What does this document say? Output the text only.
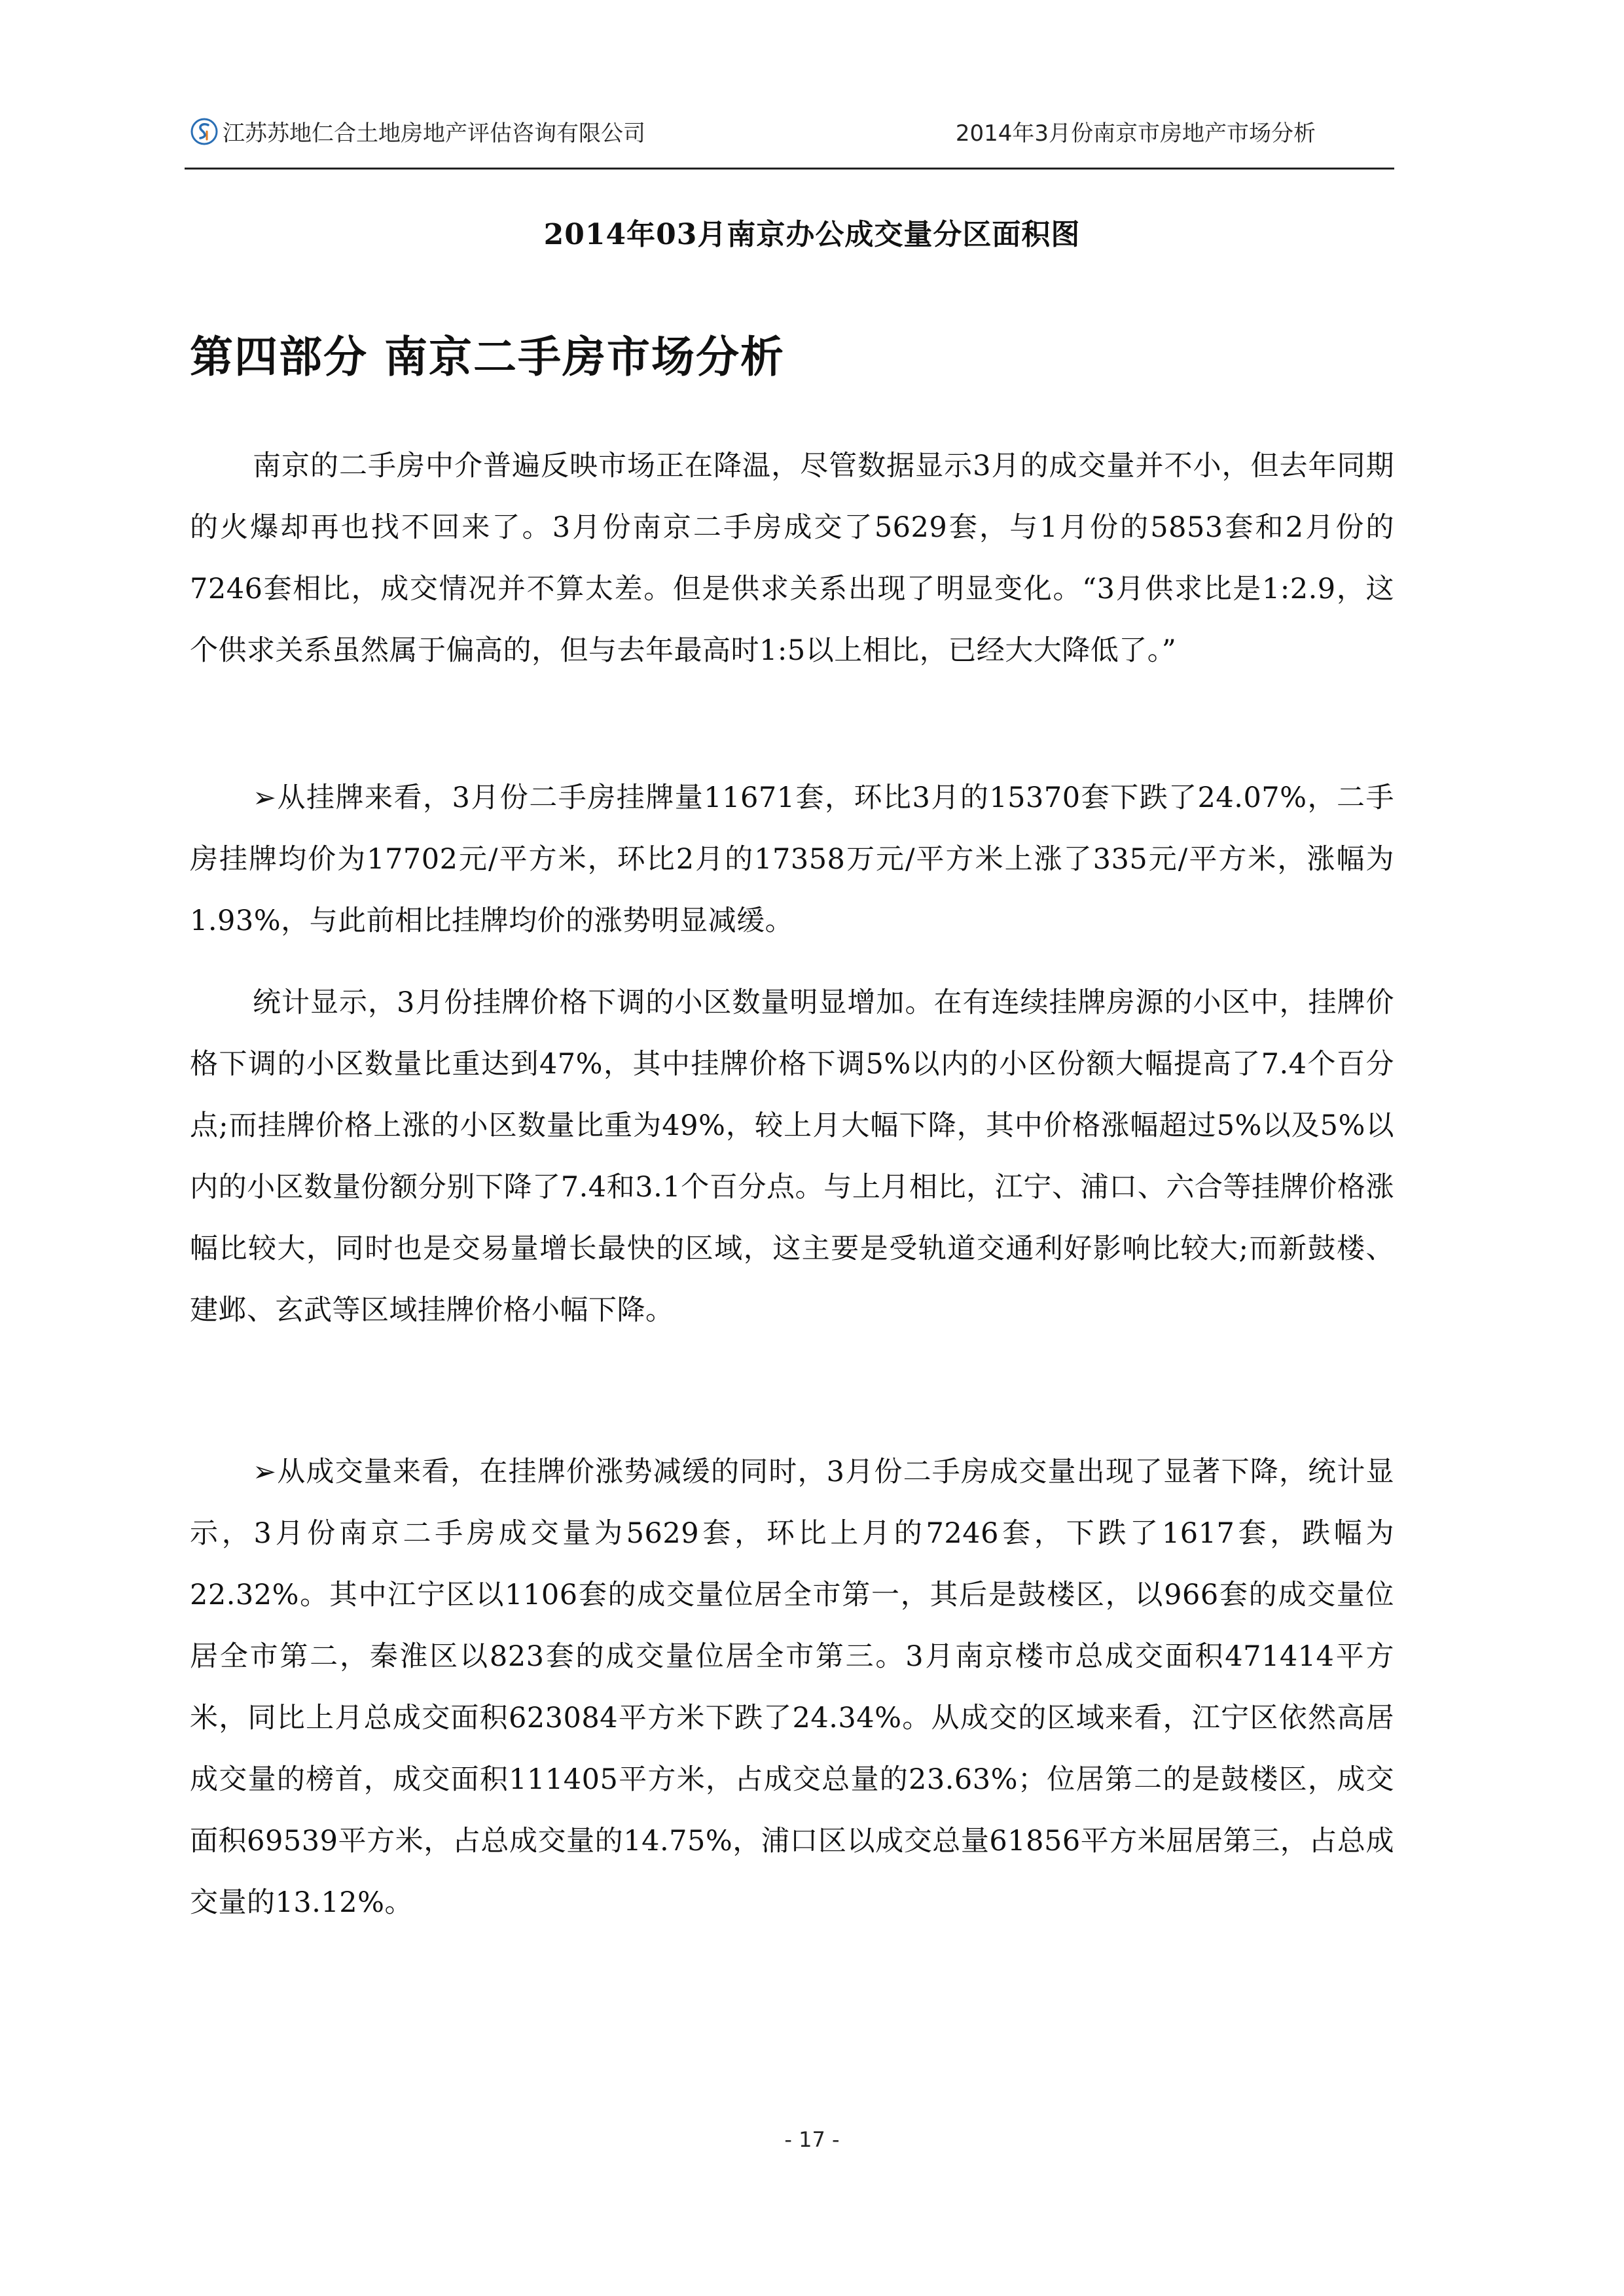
江苏苏地仁合土地房地产评估咨询有限公司	2014年3月份南京市房地产市场分析
2014年03月南京办公成交量分区面积图
第四部分 南京二手房市场分析

南京的二手房中介普遍反映市场正在降温，尽管数据显示3月的成交量并不小，但去年同期的火爆却再也找不回来了。3月份南京二手房成交了5629套，与1月份的5853套和2月份的7246套相比，成交情况并不算太差。但是供求关系出现了明显变化。“3月供求比是1:2.9，这个供求关系虽然属于偏高的，但与去年最高时1:5以上相比，已经大大降低了。”

➢从挂牌来看，3月份二手房挂牌量11671套，环比3月的15370套下跌了24.07%，二手房挂牌均价为17702元/平方米，环比2月的17358万元/平方米上涨了335元/平方米，涨幅为1.93%，与此前相比挂牌均价的涨势明显减缓。

统计显示，3月份挂牌价格下调的小区数量明显增加。在有连续挂牌房源的小区中，挂牌价格下调的小区数量比重达到47%，其中挂牌价格下调5%以内的小区份额大幅提高了7.4个百分点;而挂牌价格上涨的小区数量比重为49%，较上月大幅下降，其中价格涨幅超过5%以及5%以内的小区数量份额分别下降了7.4和3.1个百分点。与上月相比，江宁、浦口、六合等挂牌价格涨幅比较大，同时也是交易量增长最快的区域，这主要是受轨道交通利好影响比较大;而新鼓楼、建邺、玄武等区域挂牌价格小幅下降。

➢从成交量来看，在挂牌价涨势减缓的同时，3月份二手房成交量出现了显著下降，统计显示，3月份南京二手房成交量为5629套，环比上月的7246套，下跌了1617套，跌幅为22.32%。其中江宁区以1106套的成交量位居全市第一，其后是鼓楼区，以966套的成交量位居全市第二，秦淮区以823套的成交量位居全市第三。3月南京楼市总成交面积471414平方米，同比上月总成交面积623084平方米下跌了24.34%。从成交的区域来看，江宁区依然高居成交量的榜首，成交面积111405平方米，占成交总量的23.63%；位居第二的是鼓楼区，成交面积69539平方米，占总成交量的14.75%，浦口区以成交总量61856平方米屈居第三，占总成交量的13.12%。

- 17 -
